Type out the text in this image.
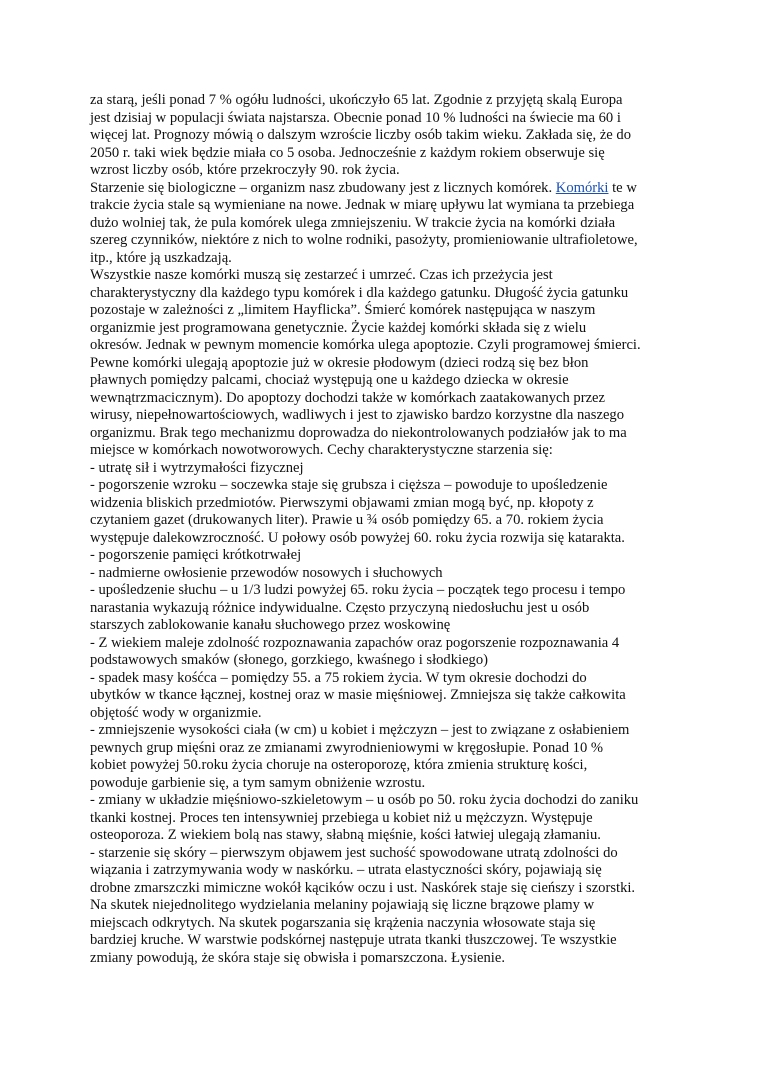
za starą, jeśli ponad 7 % ogółu ludności, ukończyło 65 lat. Zgodnie z przyjętą skalą Europa
jest dzisiaj w populacji świata najstarsza. Obecnie ponad 10 % ludności na świecie ma 60 i
więcej lat. Prognozy mówią o dalszym wzroście liczby osób takim wieku. Zakłada się, że do
2050 r. taki wiek będzie miała co 5 osoba. Jednocześnie z każdym rokiem obserwuje się
wzrost liczby osób, które przekroczyły 90. rok życia.
Starzenie się biologiczne – organizm nasz zbudowany jest z licznych komórek. Komórki te w
trakcie życia stale są wymieniane na nowe. Jednak w miarę upływu lat wymiana ta przebiega
dużo wolniej tak, że pula komórek ulega zmniejszeniu. W trakcie życia na komórki działa
szereg czynników, niektóre z nich to wolne rodniki, pasożyty, promieniowanie ultrafioletowe,
itp., które ją uszkadzają.
Wszystkie nasze komórki muszą się zestarzeć i umrzeć. Czas ich przeżycia jest
charakterystyczny dla każdego typu komórek i dla każdego gatunku. Długość życia gatunku
pozostaje w zależności z „limitem Hayflicka”. Śmierć komórek następująca w naszym
organizmie jest programowana genetycznie. Życie każdej komórki składa się z wielu
okresów. Jednak w pewnym momencie komórka ulega apoptozie. Czyli programowej śmierci.
Pewne komórki ulegają apoptozie już w okresie płodowym (dzieci rodzą się bez błon
pławnych pomiędzy palcami, chociaż występują one u każdego dziecka w okresie
wewnątrzmacicznym). Do apoptozy dochodzi także w komórkach zaatakowanych przez
wirusy, niepełnowartościowych, wadliwych i jest to zjawisko bardzo korzystne dla naszego
organizmu. Brak tego mechanizmu doprowadza do niekontrolowanych podziałów jak to ma
miejsce w komórkach nowotworowych. Cechy charakterystyczne starzenia się:
- utratę sił i wytrzymałości fizycznej
- pogorszenie wzroku – soczewka staje się grubsza i cięższa – powoduje to upośledzenie
widzenia bliskich przedmiotów. Pierwszymi objawami zmian mogą być, np. kłopoty z
czytaniem gazet (drukowanych liter). Prawie u ¾ osób pomiędzy 65. a 70. rokiem życia
występuje dalekowzroczność. U połowy osób powyżej 60. roku życia rozwija się katarakta.
- pogorszenie pamięci krótkotrwałej
- nadmierne owłosienie przewodów nosowych i słuchowych
- upośledzenie słuchu – u 1/3 ludzi powyżej 65. roku życia – początek tego procesu i tempo
narastania wykazują różnice indywidualne. Często przyczyną niedosłuchu jest u osób
starszych zablokowanie kanału słuchowego przez woskowinę
- Z wiekiem maleje zdolność rozpoznawania zapachów oraz pogorszenie rozpoznawania 4
podstawowych smaków (słonego, gorzkiego, kwaśnego i słodkiego)
- spadek masy kośćca – pomiędzy 55. a 75 rokiem życia. W tym okresie dochodzi do
ubytków w tkance łącznej, kostnej oraz w masie mięśniowej. Zmniejsza się także całkowita
objętość wody w organizmie.
- zmniejszenie wysokości ciała (w cm) u kobiet i mężczyzn – jest to związane z osłabieniem
pewnych grup mięśni oraz ze zmianami zwyrodnieniowymi w kręgosłupie. Ponad 10 %
kobiet powyżej 50.roku życia choruje na osteroporozę, która zmienia strukturę kości,
powoduje garbienie się, a tym samym obniżenie wzrostu.
- zmiany w układzie mięśniowo-szkieletowym – u osób po 50. roku życia dochodzi do zaniku
tkanki kostnej. Proces ten intensywniej przebiega u kobiet niż u mężczyzn. Występuje
osteoporoza. Z wiekiem bolą nas stawy, słabną mięśnie, kości łatwiej ulegają złamaniu.
- starzenie się skóry – pierwszym objawem jest suchość spowodowane utratą zdolności do
wiązania i zatrzymywania wody w naskórku. – utrata elastyczności skóry, pojawiają się
drobne zmarszczki mimiczne wokół kącików oczu i ust. Naskórek staje się cieńszy i szorstki.
Na skutek niejednolitego wydzielania melaniny pojawiają się liczne brązowe plamy w
miejscach odkrytych. Na skutek pogarszania się krążenia naczynia włosowate staja się
bardziej kruche. W warstwie podskórnej następuje utrata tkanki tłuszczowej. Te wszystkie
zmiany powodują, że skóra staje się obwisła i pomarszczona. Łysienie.
